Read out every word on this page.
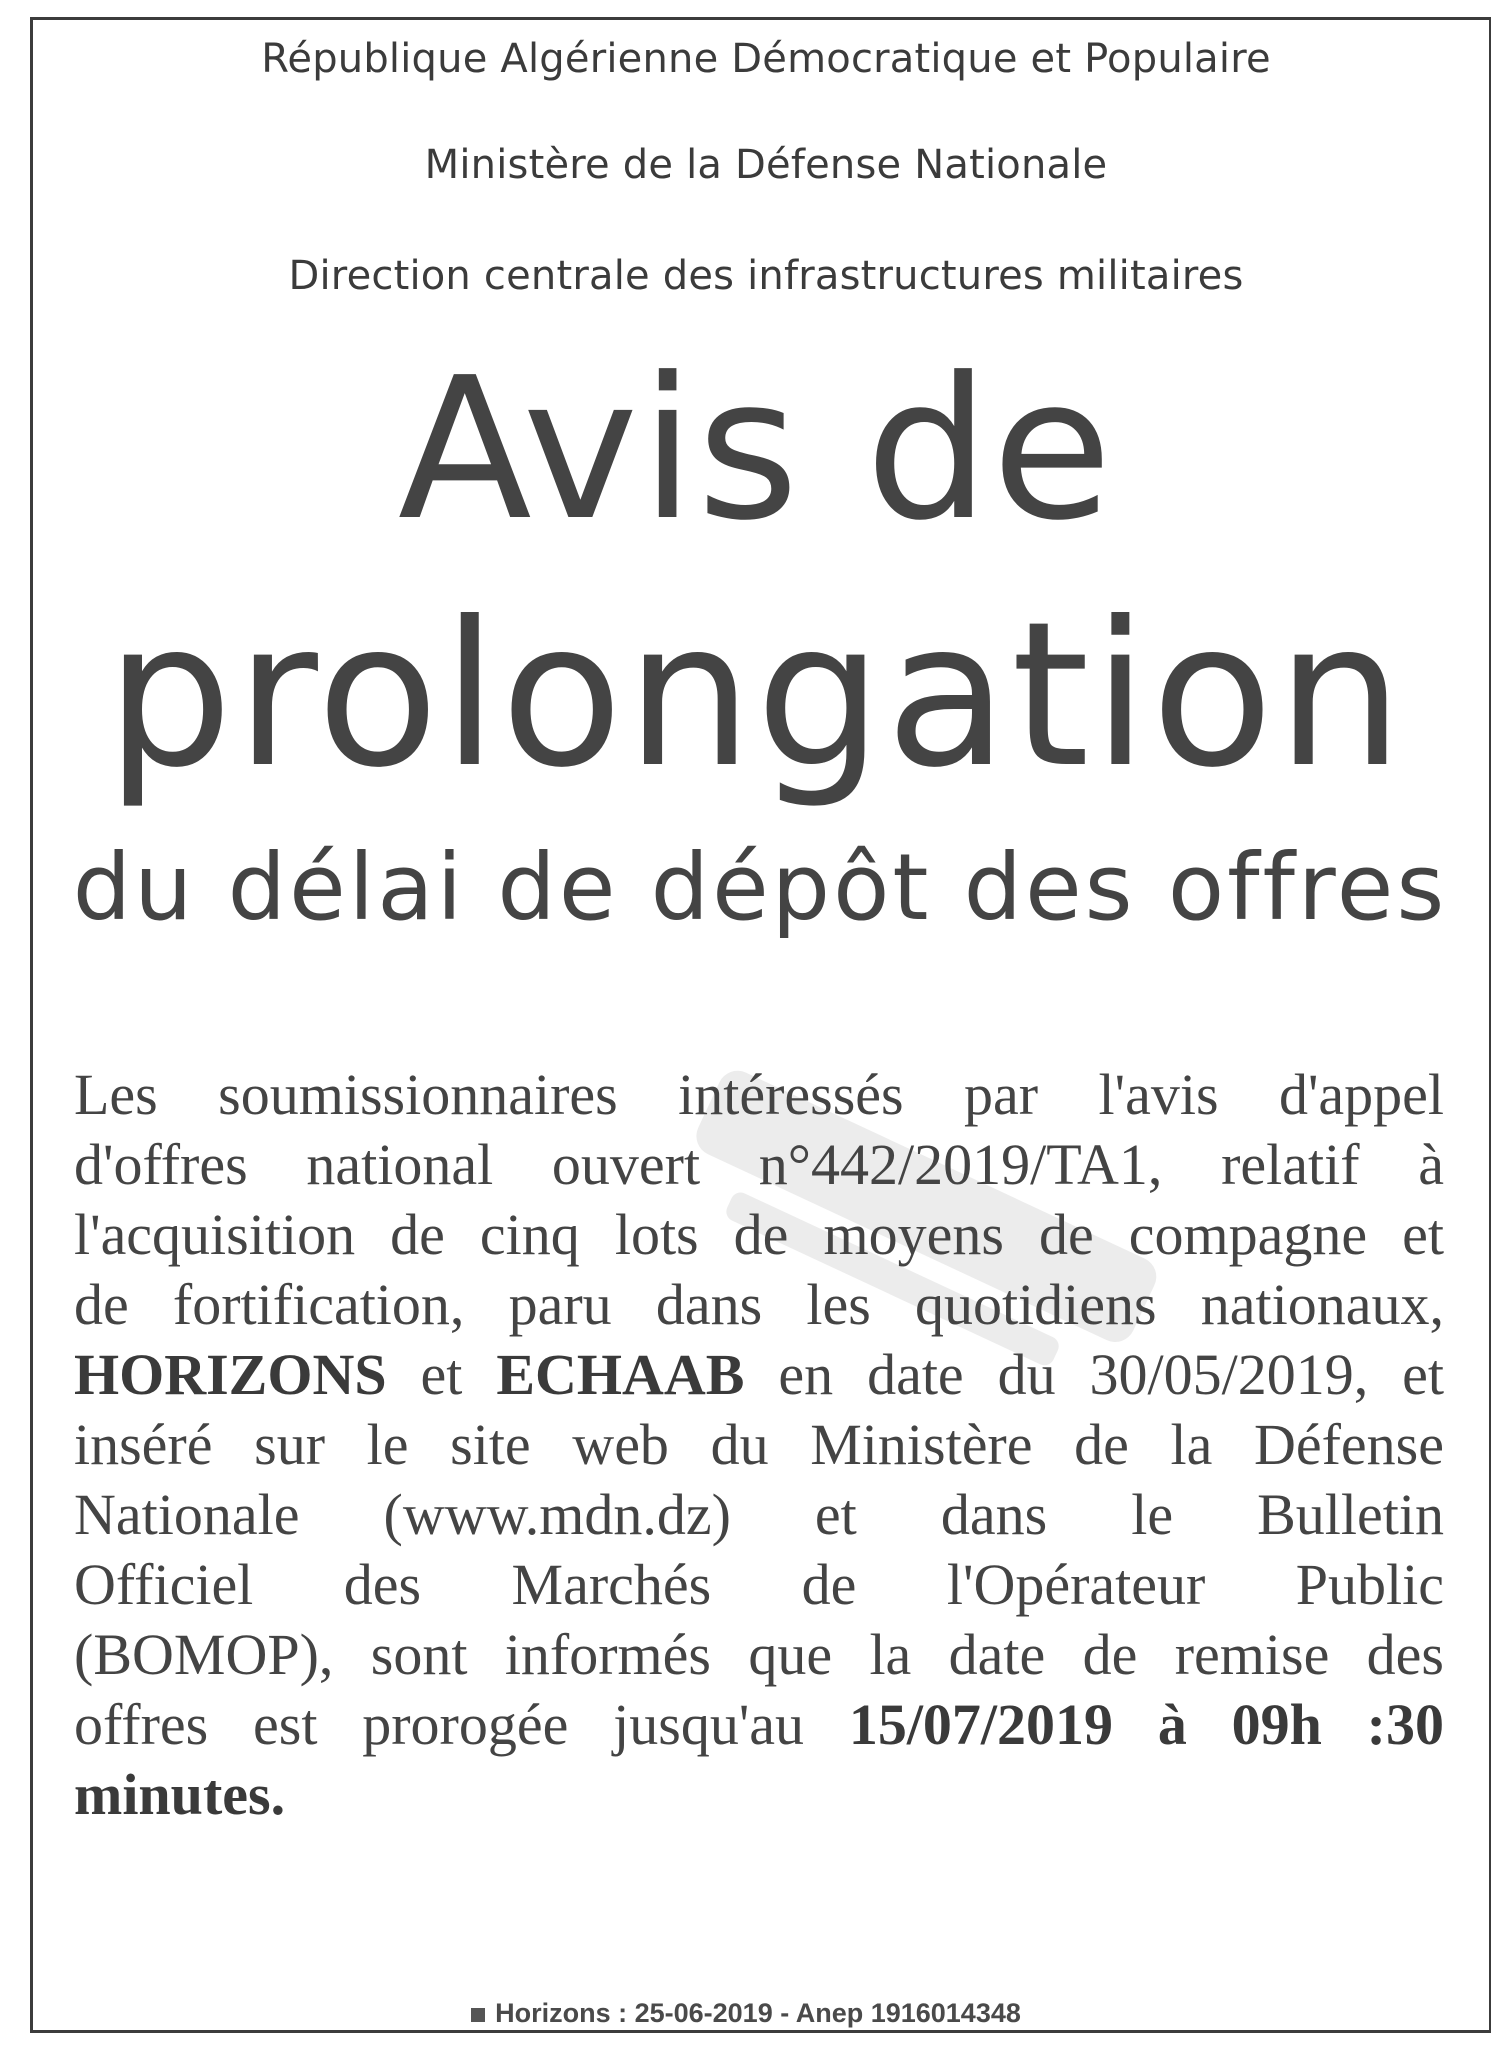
République Algérienne Démocratique et Populaire
Ministère de la Défense Nationale
Direction centrale des infrastructures militaires
Avis de
prolongation
du délai de dépôt des offres
Les soumissionnaires intéressés par l'avis d'appel
d'offres national ouvert n°442/2019/TA1, relatif à
l'acquisition de cinq lots de moyens de compagne et
de fortification, paru dans les quotidiens nationaux,
HORIZONS et ECHAAB en date du 30/05/2019, et
inséré sur le site web du Ministère de la Défense
Nationale (www.mdn.dz) et dans le Bulletin
Officiel des Marchés de l'Opérateur Public
(BOMOP), sont informés que la date de remise des
offres est prorogée jusqu'au 15/07/2019 à 09h :30
minutes.
Horizons : 25-06-2019 - Anep 1916014348
